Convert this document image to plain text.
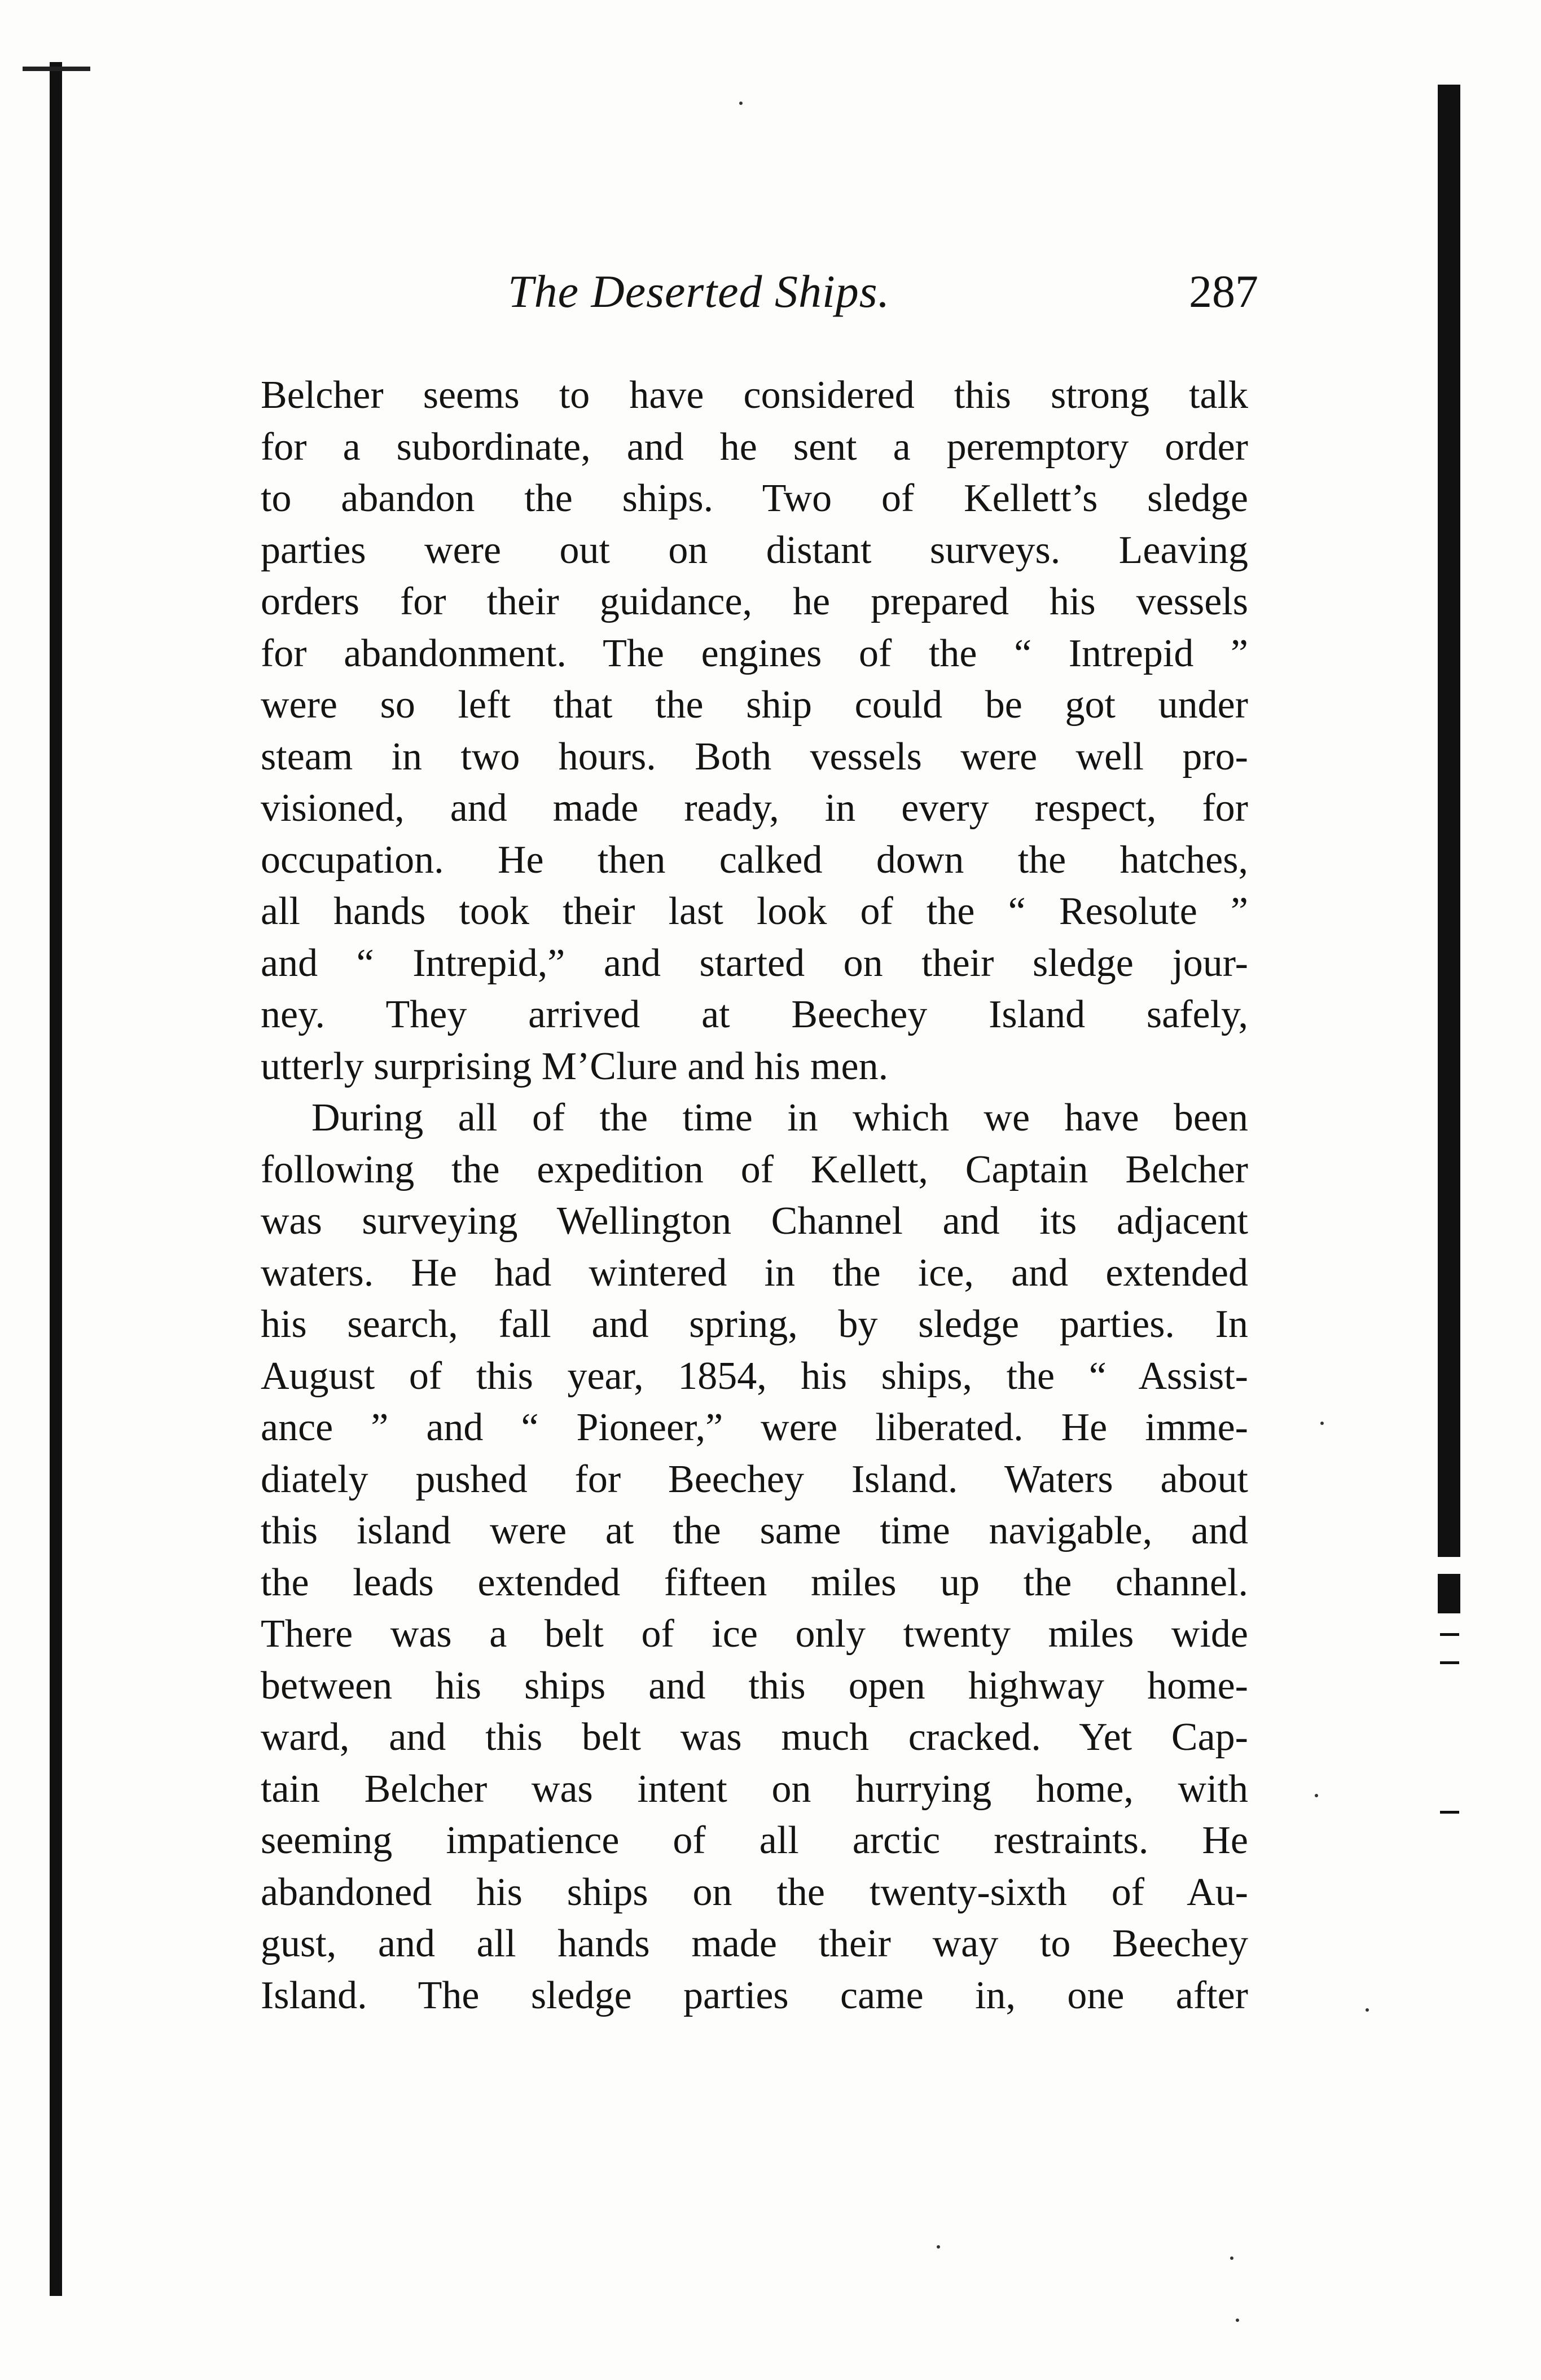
The Deserted Ships.	287
Belcher seems to have considered this strong talk
for a subordinate, and he sent a peremptory order
to abandon the ships. Two of Kellett’s sledge
parties were out on distant surveys. Leaving
orders for their guidance, he prepared his vessels
for abandonment. The engines of the “ Intrepid ”
were so left that the ship could be got under
steam in two hours. Both vessels were well pro-
visioned, and made ready, in every respect, for
occupation. He then calked down the hatches,
all hands took their last look of the “ Resolute ”
and “ Intrepid,” and started on their sledge jour-
ney. They arrived at Beechey Island safely,
utterly surprising M’Clure and his men.
During all of the time in which we have been
following the expedition of Kellett, Captain Belcher
was surveying Wellington Channel and its adjacent
waters. He had wintered in the ice, and extended
his search, fall and spring, by sledge parties. In
August of this year, 1854, his ships, the “ Assist-
ance ” and “ Pioneer,” were liberated. He imme-
diately pushed for Beechey Island. Waters about
this island were at the same time navigable, and
the leads extended fifteen miles up the channel.
There was a belt of ice only twenty miles wide
between his ships and this open highway home-
ward, and this belt was much cracked. Yet Cap-
tain Belcher was intent on hurrying home, with
seeming impatience of all arctic restraints. He
abandoned his ships on the twenty-sixth of Au-
gust, and all hands made their way to Beechey
Island. The sledge parties came in, one after
